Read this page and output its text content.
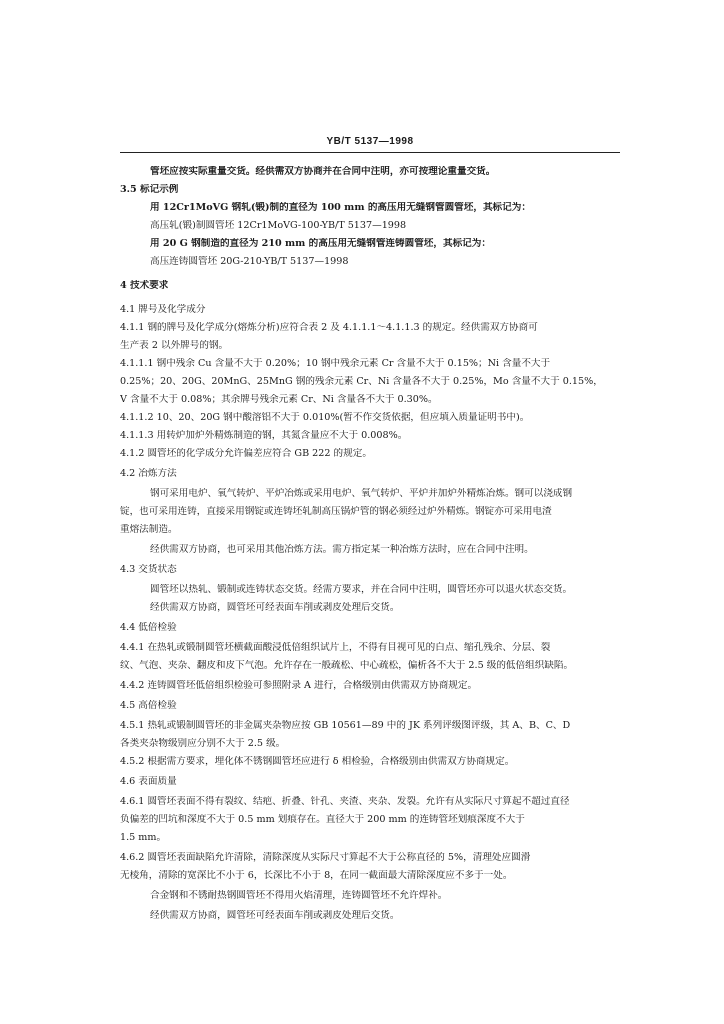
YB/T 5137—1998
管坯应按实际重量交货。经供需双方协商并在合同中注明，亦可按理论重量交货。
3.5 标记示例
用 12Cr1MoVG 钢轧(锻)制的直径为 100 mm 的高压用无缝钢管圆管坯，其标记为：
高压轧(锻)制圆管坯 12Cr1MoVG-100-YB/T 5137—1998
用 20 G 钢制造的直径为 210 mm 的高压用无缝钢管连铸圆管坯，其标记为：
高压连铸圆管坯 20G-210-YB/T 5137—1998
4 技术要求
4.1 牌号及化学成分
4.1.1 钢的牌号及化学成分(熔炼分析)应符合表 2 及 4.1.1.1～4.1.1.3 的规定。经供需双方协商可
生产表 2 以外牌号的钢。
4.1.1.1 钢中残余 Cu 含量不大于 0.20%；10 钢中残余元素 Cr 含量不大于 0.15%；Ni 含量不大于
0.25%；20、20G、20MnG、25MnG 钢的残余元素 Cr、Ni 含量各不大于 0.25%，Mo 含量不大于 0.15%，
V 含量不大于 0.08%；其余牌号残余元素 Cr、Ni 含量各不大于 0.30%。
4.1.1.2 10、20、20G 钢中酸溶铝不大于 0.010%(暂不作交货依据，但应填入质量证明书中)。
4.1.1.3 用转炉加炉外精炼制造的钢，其氮含量应不大于 0.008%。
4.1.2 圆管坯的化学成分允许偏差应符合 GB 222 的规定。
4.2 冶炼方法
钢可采用电炉、氧气转炉、平炉冶炼或采用电炉、氧气转炉、平炉并加炉外精炼冶炼。钢可以浇成钢
锭，也可采用连铸，直接采用钢锭或连铸坯轧制高压锅炉管的钢必须经过炉外精炼。钢锭亦可采用电渣
重熔法制造。
经供需双方协商，也可采用其他冶炼方法。需方指定某一种冶炼方法时，应在合同中注明。
4.3 交货状态
圆管坯以热轧、锻制或连铸状态交货。经需方要求，并在合同中注明，圆管坯亦可以退火状态交货。
经供需双方协商，圆管坯可经表面车削或剥皮处理后交货。
4.4 低倍检验
4.4.1 在热轧或锻制圆管坯横截面酸浸低倍组织试片上，不得有目视可见的白点、缩孔残余、分层、裂
纹、气泡、夹杂、翻皮和皮下气泡。允许存在一般疏松、中心疏松，偏析各不大于 2.5 级的低倍组织缺陷。
4.4.2 连铸圆管坯低倍组织检验可参照附录 A 进行，合格级别由供需双方协商规定。
4.5 高倍检验
4.5.1 热轧或锻制圆管坯的非金属夹杂物应按 GB 10561—89 中的 JK 系列评级图评级，其 A、B、C、D
各类夹杂物级别应分别不大于 2.5 级。
4.5.2 根据需方要求，埋化体不锈钢圆管坯应进行 δ 相检验，合格级别由供需双方协商规定。
4.6 表面质量
4.6.1 圆管坯表面不得有裂纹、结疤、折叠、针孔、夹渣、夹杂、发裂。允许有从实际尺寸算起不超过直径
负偏差的凹坑和深度不大于 0.5 mm 划痕存在。直径大于 200 mm 的连铸管坯划痕深度不大于
1.5 mm。
4.6.2 圆管坯表面缺陷允许清除，清除深度从实际尺寸算起不大于公称直径的 5%，清理处应圆滑
无棱角，清除的宽深比不小于 6，长深比不小于 8，在同一截面最大清除深度应不多于一处。
合金钢和不锈耐热钢圆管坯不得用火焰清理，连铸圆管坯不允许焊补。
经供需双方协商，圆管坯可经表面车削或剥皮处理后交货。
